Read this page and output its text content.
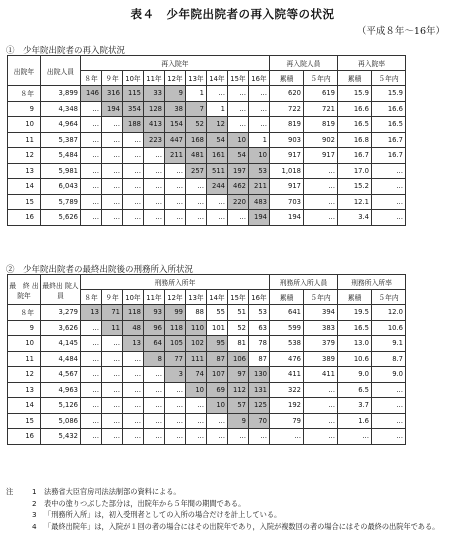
表４　少年院出院者の再入院等の状況
（平成８年〜16年）
①　少年院出院者の再入院状況
出院年	出院人員	再入院年									再入院人員		再入院率	
		８年	９年	10年	11年	12年	13年	14年	15年	16年	累積	５年内	累積	５年内
８年	3,899	146	316	115	33	9	1	…	…	…	620	619	15.9	15.9
9	4,348	…	194	354	128	38	7	1	…	…	722	721	16.6	16.6
10	4,964	…	…	188	413	154	52	12	…	…	819	819	16.5	16.5
11	5,387	…	…	…	223	447	168	54	10	1	903	902	16.8	16.7
12	5,484	…	…	…	…	211	481	161	54	10	917	917	16.7	16.7
13	5,981	…	…	…	…	…	257	511	197	53	1,018	…	17.0	…
14	6,043	…	…	…	…	…	…	244	462	211	917	…	15.2	…
15	5,789	…	…	…	…	…	…	…	220	483	703	…	12.1	…
16	5,626	…	…	…	…	…	…	…	…	194	194	…	3.4	…
②　少年院出院者の最終出院後の刑務所入所状況
最　終 出院年	最終出 院人員	刑務所入所年									刑務所入所人員		刑務所入所率	
		８年	９年	10年	11年	12年	13年	14年	15年	16年	累積	５年内	累積	５年内
８年	3,279	13	71	118	93	99	88	55	51	53	641	394	19.5	12.0
9	3,626	…	11	48	96	118	110	101	52	63	599	383	16.5	10.6
10	4,145	…	…	13	64	105	102	95	81	78	538	379	13.0	9.1
11	4,484	…	…	…	8	77	111	87	106	87	476	389	10.6	8.7
12	4,567	…	…	…	…	3	74	107	97	130	411	411	9.0	9.0
13	4,963	…	…	…	…	…	10	69	112	131	322	…	6.5	…
14	5,126	…	…	…	…	…	…	10	57	125	192	…	3.7	…
15	5,086	…	…	…	…	…	…	…	9	70	79	…	1.6	…
16	5,432	…	…	…	…	…	…	…	…	…	…	…	…	…
注	1	法務省大臣官房司法法制部の資料による。
2	表中の塗りつぶした部分は，出院年から５年間の期間である。
3	「刑務所入所」は，初入受刑者としての入所の場合だけを計上している。
4	「最終出院年」は，入院が１回の者の場合にはその出院年であり，入院が複数回の者の場合にはその最終の出院年である。
